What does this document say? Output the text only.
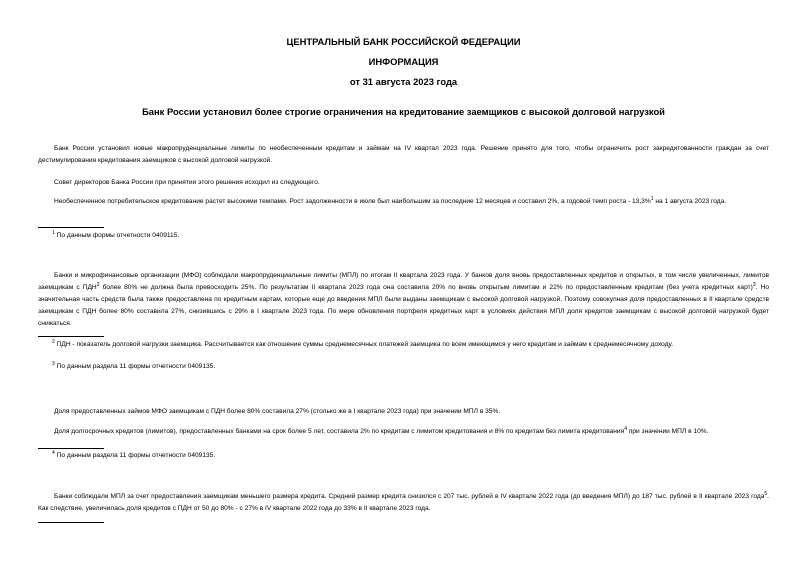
ЦЕНТРАЛЬНЫЙ БАНК РОССИЙСКОЙ ФЕДЕРАЦИИ
ИНФОРМАЦИЯ
от 31 августа 2023 года
Банк России установил более строгие ограничения на кредитование заемщиков с высокой долговой нагрузкой
Банк России установил новые макропруденциальные лимиты по необеспеченным кредитам и займам на IV квартал 2023 года. Решение принято для того, чтобы ограничить рост закредитованности граждан за счет дестимулирования кредитования заемщиков с высокой долговой нагрузкой.
Совет директоров Банка России при принятии этого решения исходил из следующего.
Необеспеченное потребительское кредитование растет высокими темпами. Рост задолженности в июле был наибольшим за последние 12 месяцев и составил 2%, а годовой темп роста - 13,3%$^1$ на 1 августа 2023 года.
$^1$ По данным формы отчетности 0409115.
Банки и микрофинансовые организации (МФО) соблюдали макропруденциальные лимиты (МПЛ) по итогам II квартала 2023 года. У банков доля вновь предоставленных кредитов и открытых, в том числе увеличенных, лимитов заемщикам с ПДН$^2$ более 80% не должна была превосходить 25%. По результатам II квартала 2023 года она составила 20% по вновь открытым лимитам и 22% по предоставленным кредитам (без учета кредитных карт)$^3$. Но значительная часть средств была также предоставлена по кредитным картам, которые еще до введения МПЛ были выданы заемщикам с высокой долговой нагрузкой. Поэтому совокупная доля предоставленных в II квартале средств заемщикам с ПДН более 80% составила 27%, снизившись с 29% в I квартале 2023 года. По мере обновления портфеля кредитных карт в условиях действия МПЛ доля кредитов заемщикам с высокой долговой нагрузкой будет снижаться.
$^2$ ПДН - показатель долговой нагрузки заемщика. Рассчитывается как отношение суммы среднемесячных платежей заемщика по всем имеющимся у него кредитам и займам к среднемесячному доходу.
$^3$ По данным раздела 11 формы отчетности 0409135.
Доля предоставленных займов МФО заемщикам с ПДН более 80% составила 27% (столько же в I квартале 2023 года) при значении МПЛ в 35%.
Доля долгосрочных кредитов (лимитов), предоставленных банками на срок более 5 лет, составила 2% по кредитам с лимитом кредитования и 8% по кредитам без лимита кредитования$^4$ при значении МПЛ в 10%.
$^4$ По данным раздела 11 формы отчетности 0409135.
Банки соблюдали МПЛ за счет предоставления заемщикам меньшего размера кредита. Средний размер кредита снизился с 207 тыс. рублей в IV квартале 2022 года (до введения МПЛ) до 187 тыс. рублей в II квартале 2023 года$^5$. Как следствие, увеличилась доля кредитов с ПДН от 50 до 80% - с 27% в IV квартале 2022 года до 33% в II квартале 2023 года.
